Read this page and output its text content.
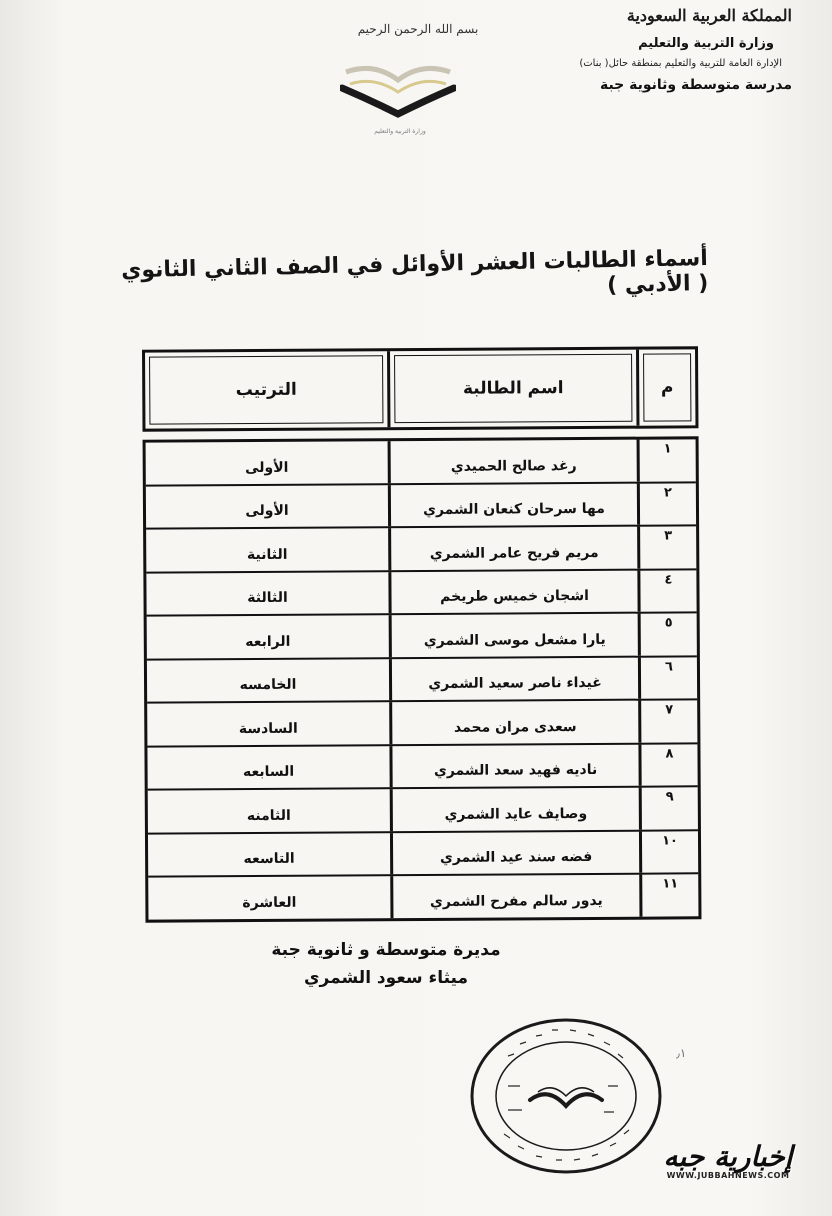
المملكة العربية السعودية
وزارة التربية والتعليم
الإدارة العامة للتربية والتعليم بمنطقة حائل( بنات)
مدرسة متوسطة وثانوية جبة
بسم الله الرحمن الرحيم
وزارة التربية والتعليم
أسماء الطالبات العشر الأوائل في الصف الثاني الثانوي ( الأدبي )
م
اسم الطالبة
الترتيب
١
رغد صالح الحميدي
الأولى
٢
مها سرحان كنعان الشمري
الأولى
٣
مريم فريح عامر الشمري
الثانية
٤
اشجان خميس طريخم
الثالثة
٥
يارا مشعل موسى الشمري
الرابعه
٦
غيداء ناصر سعيد الشمري
الخامسه
٧
سعدى مران محمد
السادسة
٨
ناديه فهيد سعد الشمري
السابعه
٩
وصايف عايد الشمري
الثامنه
١٠
فضه سند عيد الشمري
التاسعه
١١
يدور سالم مفرح الشمري
العاشرة
مديرة متوسطة و ثانوية جبة
ميثاء سعود الشمري
٫١
إخبارية جبه
WWW.JUBBAHNEWS.COM
